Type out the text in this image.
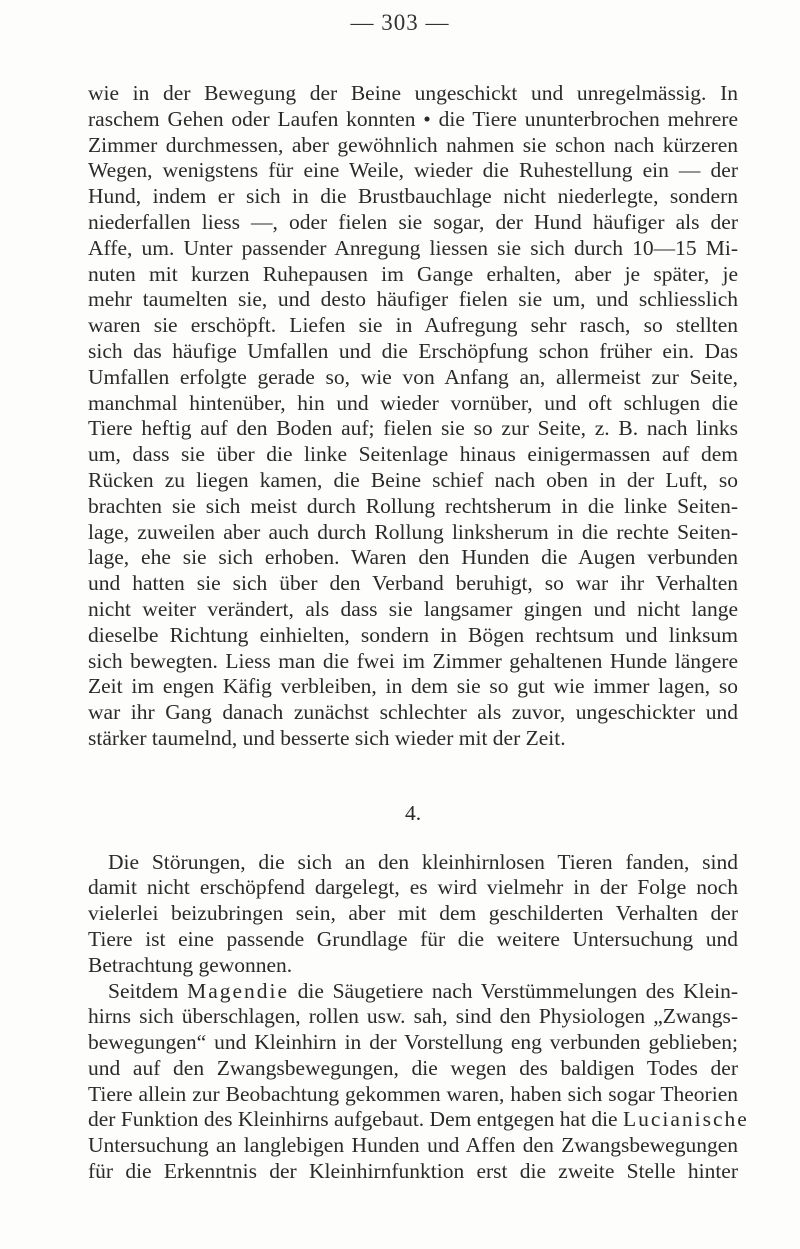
— 303 —
wie in der Bewegung der Beine ungeschickt und unregelmässig. In
raschem Gehen oder Laufen konnten • die Tiere ununterbrochen mehrere
Zimmer durchmessen, aber gewöhnlich nahmen sie schon nach kürzeren
Wegen, wenigstens für eine Weile, wieder die Ruhestellung ein — der
Hund, indem er sich in die Brustbauchlage nicht niederlegte, sondern
niederfallen liess —, oder fielen sie sogar, der Hund häufiger als der
Affe, um. Unter passender Anregung liessen sie sich durch 10—15 Mi-
nuten mit kurzen Ruhepausen im Gange erhalten, aber je später, je
mehr taumelten sie, und desto häufiger fielen sie um, und schliesslich
waren sie erschöpft. Liefen sie in Aufregung sehr rasch, so stellten
sich das häufige Umfallen und die Erschöpfung schon früher ein. Das
Umfallen erfolgte gerade so, wie von Anfang an, allermeist zur Seite,
manchmal hintenüber, hin und wieder vornüber, und oft schlugen die
Tiere heftig auf den Boden auf; fielen sie so zur Seite, z. B. nach links
um, dass sie über die linke Seitenlage hinaus einigermassen auf dem
Rücken zu liegen kamen, die Beine schief nach oben in der Luft, so
brachten sie sich meist durch Rollung rechtsherum in die linke Seiten-
lage, zuweilen aber auch durch Rollung linksherum in die rechte Seiten-
lage, ehe sie sich erhoben. Waren den Hunden die Augen verbunden
und hatten sie sich über den Verband beruhigt, so war ihr Verhalten
nicht weiter verändert, als dass sie langsamer gingen und nicht lange
dieselbe Richtung einhielten, sondern in Bögen rechtsum und linksum
sich bewegten. Liess man die fwei im Zimmer gehaltenen Hunde längere
Zeit im engen Käfig verbleiben, in dem sie so gut wie immer lagen, so
war ihr Gang danach zunächst schlechter als zuvor, ungeschickter und
stärker taumelnd, und besserte sich wieder mit der Zeit.
4.
Die Störungen, die sich an den kleinhirnlosen Tieren fanden, sind
damit nicht erschöpfend dargelegt, es wird vielmehr in der Folge noch
vielerlei beizubringen sein, aber mit dem geschilderten Verhalten der
Tiere ist eine passende Grundlage für die weitere Untersuchung und
Betrachtung gewonnen.
Seitdem Magendie die Säugetiere nach Verstümmelungen des Klein-
hirns sich überschlagen, rollen usw. sah, sind den Physiologen „Zwangs-
bewegungen“ und Kleinhirn in der Vorstellung eng verbunden geblieben;
und auf den Zwangsbewegungen, die wegen des baldigen Todes der
Tiere allein zur Beobachtung gekommen waren, haben sich sogar Theorien
der Funktion des Kleinhirns aufgebaut. Dem entgegen hat die Lucianische
Untersuchung an langlebigen Hunden und Affen den Zwangsbewegungen
für die Erkenntnis der Kleinhirnfunktion erst die zweite Stelle hinter
